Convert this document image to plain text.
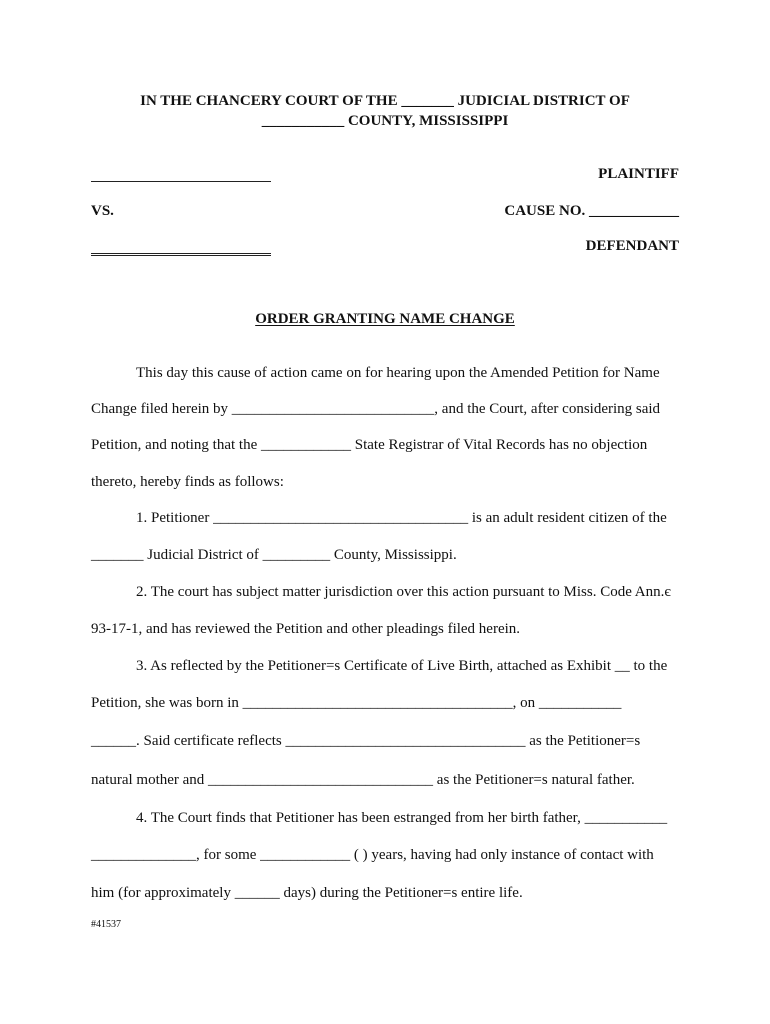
IN THE CHANCERY COURT OF THE _______ JUDICIAL DISTRICT OF
___________ COUNTY, MISSISSIPPI
PLAINTIFF
VS.	CAUSE NO. ____________
DEFENDANT
ORDER GRANTING NAME CHANGE
This day this cause of action came on for hearing upon the Amended Petition for Name
Change filed herein by ___________________________, and the Court, after considering said
Petition, and noting that the ____________ State Registrar of Vital Records has no objection
thereto, hereby finds as follows:
1. Petitioner __________________________________ is an adult resident citizen of the
_______ Judicial District of _________ County, Mississippi.
2. The court has subject matter jurisdiction over this action pursuant to Miss. Code Ann.є
93-17-1, and has reviewed the Petition and other pleadings filed herein.
3. As reflected by the Petitioner=s Certificate of Live Birth, attached as Exhibit __ to the
Petition, she was born in ____________________________________, on ___________
______. Said certificate reflects ________________________________ as the Petitioner=s
natural mother and ______________________________ as the Petitioner=s natural father.
4. The Court finds that Petitioner has been estranged from her birth father, ___________
______________, for some ____________ ( ) years, having had only instance of contact with
him (for approximately ______ days) during the Petitioner=s entire life.
#41537
